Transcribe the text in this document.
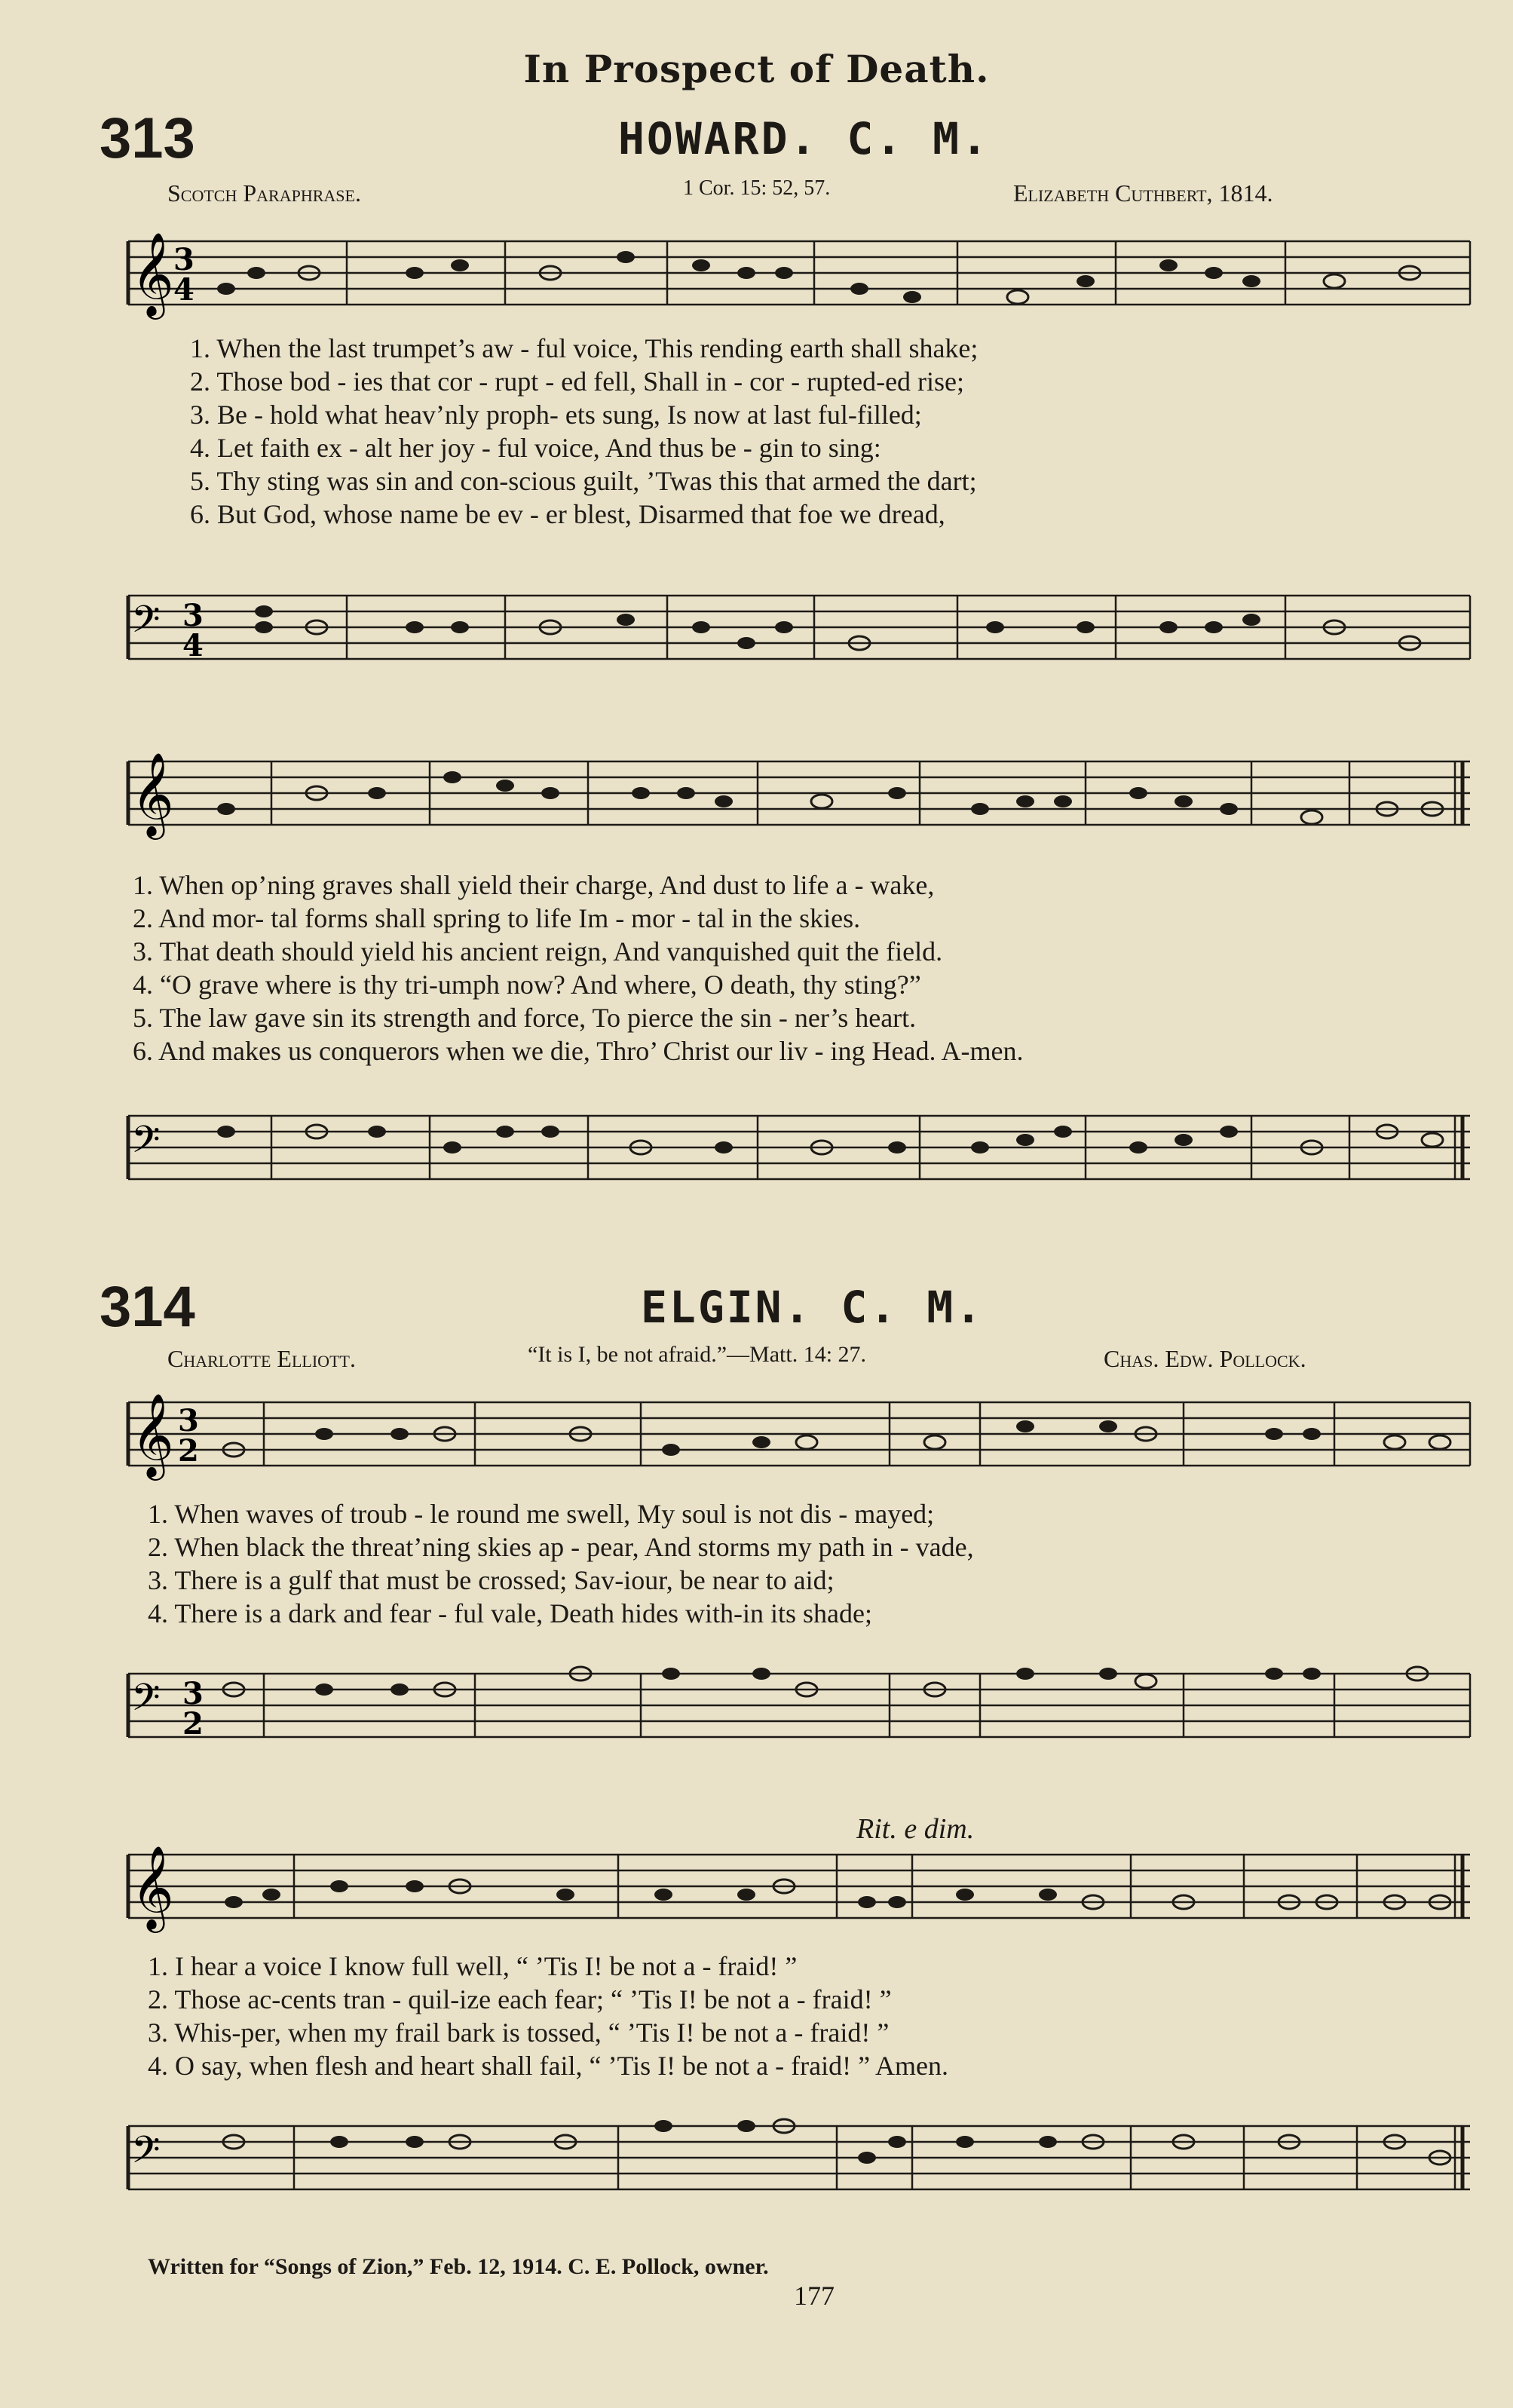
In Prospect of Death.
313	HOWARD. C. M.
Scotch Paraphrase.	1 Cor. 15: 52, 57.	Elizabeth Cuthbert, 1814.
𝄞 3
4
1. When the last trumpet’s aw - ful voice, This rending earth shall shake;
2. Those bod - ies that cor - rupt - ed fell, Shall in - cor - rupted-ed rise;
3. Be - hold what heav’nly proph- ets sung, Is now at last ful-filled;
4. Let faith ex - alt her joy - ful voice, And thus be - gin to sing:
5. Thy sting was sin and con-scious guilt, ’Twas this that armed the dart;
6. But God, whose name be ev - er blest, Disarmed that foe we dread,
𝄢 3
4
𝄞
1. When op’ning graves shall yield their charge, And dust to life a - wake,
2. And mor- tal forms shall spring to life Im - mor - tal in the skies.
3. That death should yield his ancient reign, And vanquished quit the field.
4. “O grave where is thy tri-umph now? And where, O death, thy sting?”
5. The law gave sin its strength and force, To pierce the sin - ner’s heart.
6. And makes us conquerors when we die, Thro’ Christ our liv - ing Head. A-men.
𝄢
314	ELGIN. C. M.
Charlotte Elliott.	“It is I, be not afraid.”—Matt. 14: 27.	Chas. Edw. Pollock.
𝄞 3
2
1. When waves of troub - le round me swell, My soul is not dis - mayed;
2. When black the threat’ning skies ap - pear, And storms my path in - vade,
3. There is a gulf that must be crossed; Sav-iour, be near to aid;
4. There is a dark and fear - ful vale, Death hides with-in its shade;
𝄢 3
2
Rit. e dim.
𝄞
1. I hear a voice I know full well, “ ’Tis I! be not a - fraid! ”
2. Those ac-cents tran - quil-ize each fear; “ ’Tis I! be not a - fraid! ”
3. Whis-per, when my frail bark is tossed, “ ’Tis I! be not a - fraid! ”
4. O say, when flesh and heart shall fail, “ ’Tis I! be not a - fraid! ” Amen.
𝄢
Written for “Songs of Zion,” Feb. 12, 1914. C. E. Pollock, owner.
177
